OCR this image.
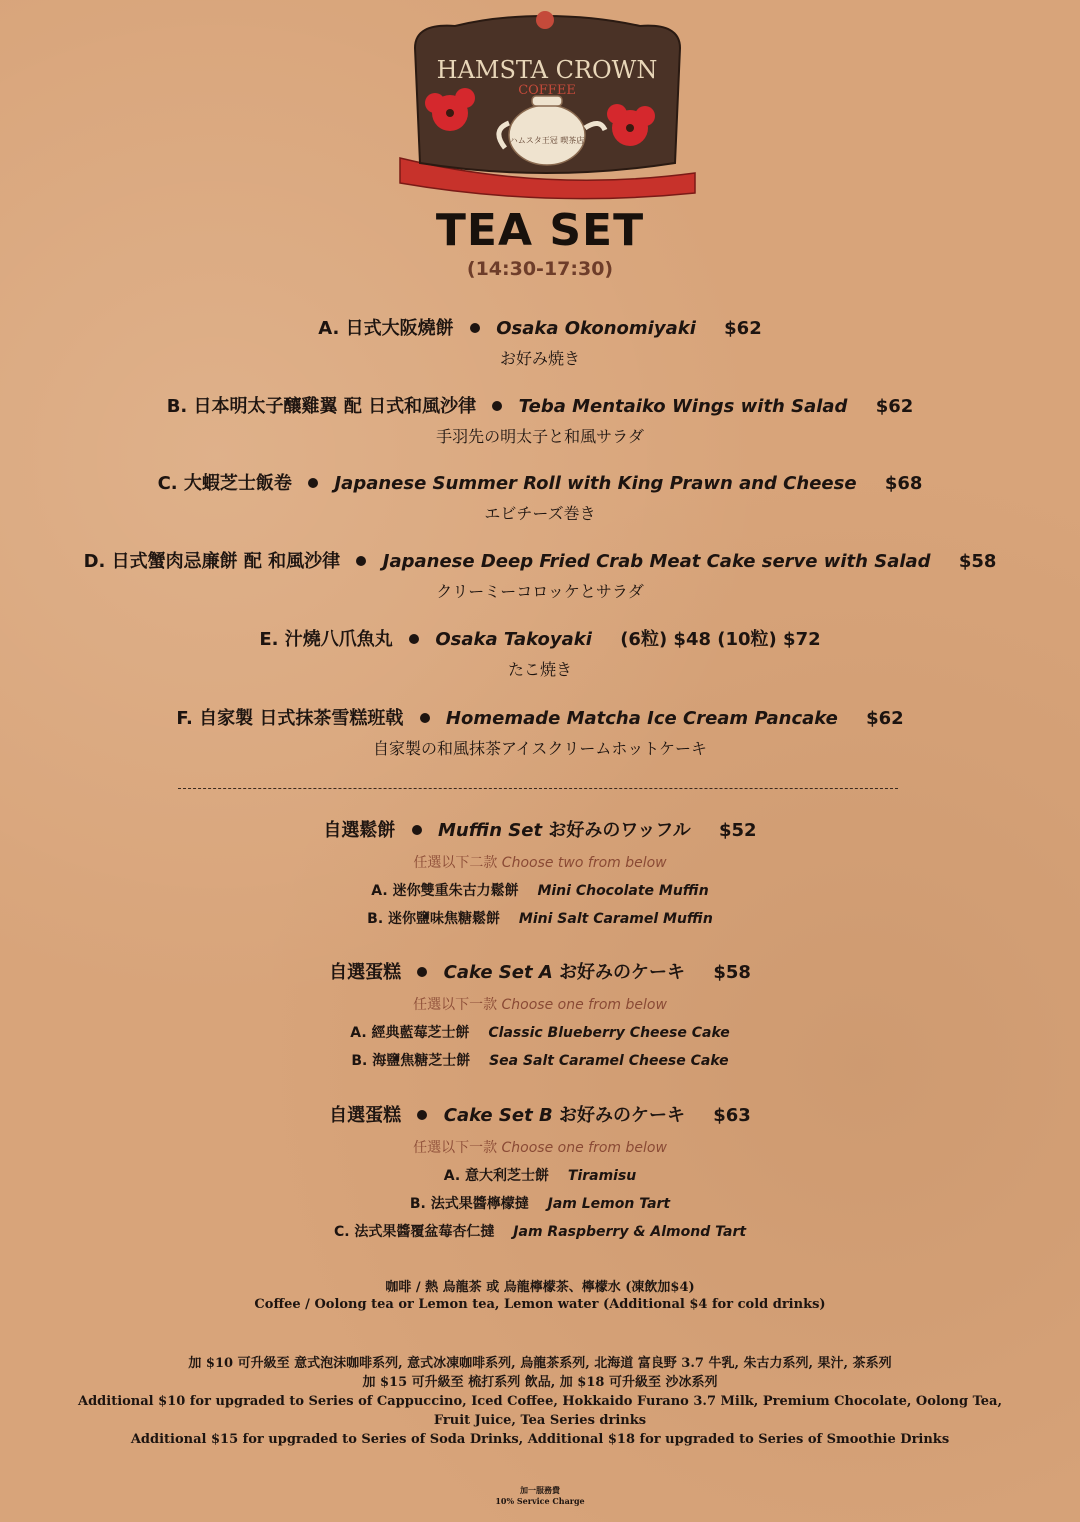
HAMSTA CROWN
COFFEE
ハムスタ王冠 喫茶店
TEA SET
(14:30-17:30)
A. 日式大阪燒餅 Osaka Okonomiyaki $62
お好み焼き
B. 日本明太子釀雞翼 配 日式和風沙律 Teba Mentaiko Wings with Salad $62
手羽先の明太子と和風サラダ
C. 大蝦芝士飯卷 Japanese Summer Roll with King Prawn and Cheese $68
エビチーズ巻き
D. 日式蟹肉忌廉餅 配 和風沙律 Japanese Deep Fried Crab Meat Cake serve with Salad $58
クリーミーコロッケとサラダ
E. 汁燒八爪魚丸 Osaka Takoyaki (6粒) $48 (10粒) $72
たこ焼き
F. 自家製 日式抹茶雪糕班戟 Homemade Matcha Ice Cream Pancake $62
自家製の和風抹茶アイスクリームホットケーキ
自選鬆餅 Muffin Set お好みのワッフル $52
任選以下二款 Choose two from below
A. 迷你雙重朱古力鬆餅 Mini Chocolate Muffin
B. 迷你鹽味焦糖鬆餅 Mini Salt Caramel Muffin
自選蛋糕 Cake Set A お好みのケーキ $58
任選以下一款 Choose one from below
A. 經典藍莓芝士餅 Classic Blueberry Cheese Cake
B. 海鹽焦糖芝士餅 Sea Salt Caramel Cheese Cake
自選蛋糕 Cake Set B お好みのケーキ $63
任選以下一款 Choose one from below
A. 意大利芝士餅 Tiramisu
B. 法式果醬檸檬撻 Jam Lemon Tart
C. 法式果醬覆盆莓杏仁撻 Jam Raspberry & Almond Tart
咖啡 / 熱 烏龍茶 或 烏龍檸檬茶、檸檬水 (凍飲加$4)
Coffee / Oolong tea or Lemon tea, Lemon water (Additional $4 for cold drinks)
加 $10 可升級至 意式泡沫咖啡系列, 意式冰凍咖啡系列, 烏龍茶系列, 北海道 富良野 3.7 牛乳, 朱古力系列, 果汁, 茶系列
加 $15 可升級至 梳打系列 飲品, 加 $18 可升級至 沙冰系列
Additional $10 for upgraded to Series of Cappuccino, Iced Coffee, Hokkaido Furano 3.7 Milk, Premium Chocolate, Oolong Tea,
Fruit Juice, Tea Series drinks
Additional $15 for upgraded to Series of Soda Drinks, Additional $18 for upgraded to Series of Smoothie Drinks
加一服務費
10% Service Charge
